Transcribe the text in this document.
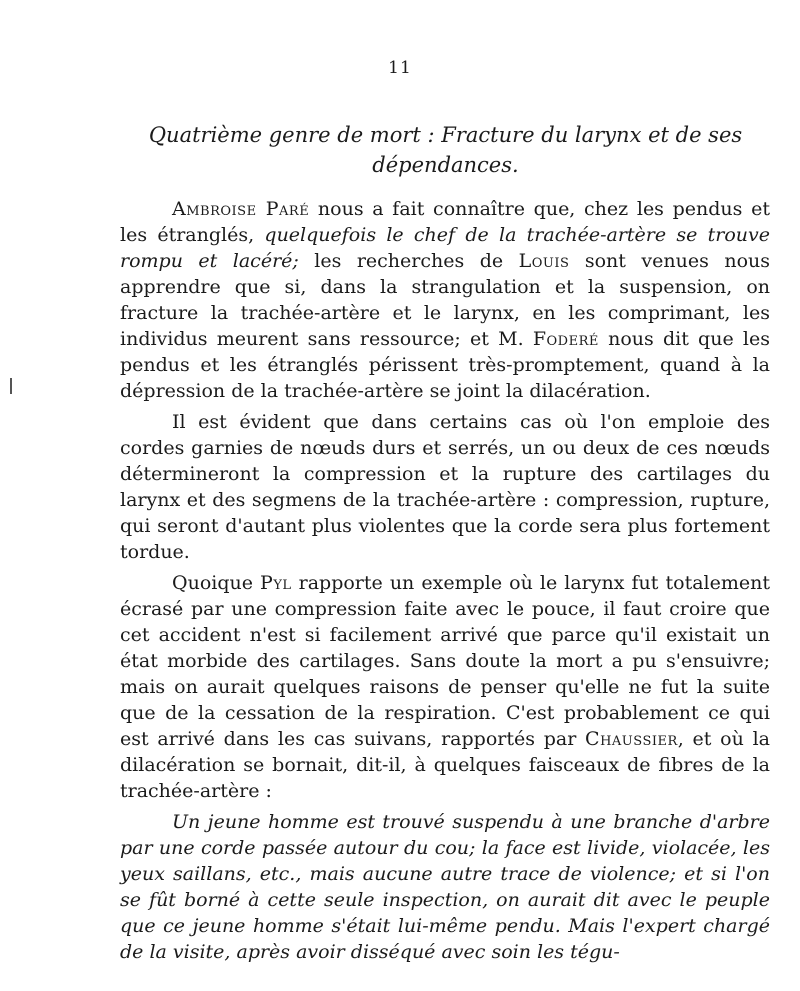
11
Quatrième genre de mort : Fracture du larynx et de ses dépendances.

Ambroise Paré nous a fait connaître que, chez les pendus et les étranglés, quelquefois le chef de la trachée-artère se trouve rompu et lacéré; les recherches de Louis sont venues nous apprendre que si, dans la strangulation et la suspension, on fracture la trachée-artère et le larynx, en les comprimant, les individus meurent sans ressource; et M. Foderé nous dit que les pendus et les étranglés périssent très-promptement, quand à la dépression de la trachée-artère se joint la dilacération.

Il est évident que dans certains cas où l'on emploie des cordes garnies de nœuds durs et serrés, un ou deux de ces nœuds détermineront la compression et la rupture des cartilages du larynx et des segmens de la trachée-artère : compression, rupture, qui seront d'autant plus violentes que la corde sera plus fortement tordue.

Quoique Pyl rapporte un exemple où le larynx fut totalement écrasé par une compression faite avec le pouce, il faut croire que cet accident n'est si facilement arrivé que parce qu'il existait un état morbide des cartilages. Sans doute la mort a pu s'ensuivre; mais on aurait quelques raisons de penser qu'elle ne fut la suite que de la cessation de la respiration. C'est probablement ce qui est arrivé dans les cas suivans, rapportés par Chaussier, et où la dilacération se bornait, dit-il, à quelques faisceaux de fibres de la trachée-artère :

Un jeune homme est trouvé suspendu à une branche d'arbre par une corde passée autour du cou; la face est livide, violacée, les yeux saillans, etc., mais aucune autre trace de violence; et si l'on se fût borné à cette seule inspection, on aurait dit avec le peuple que ce jeune homme s'était lui-même pendu. Mais l'expert chargé de la visite, après avoir disséqué avec soin les tégu-
